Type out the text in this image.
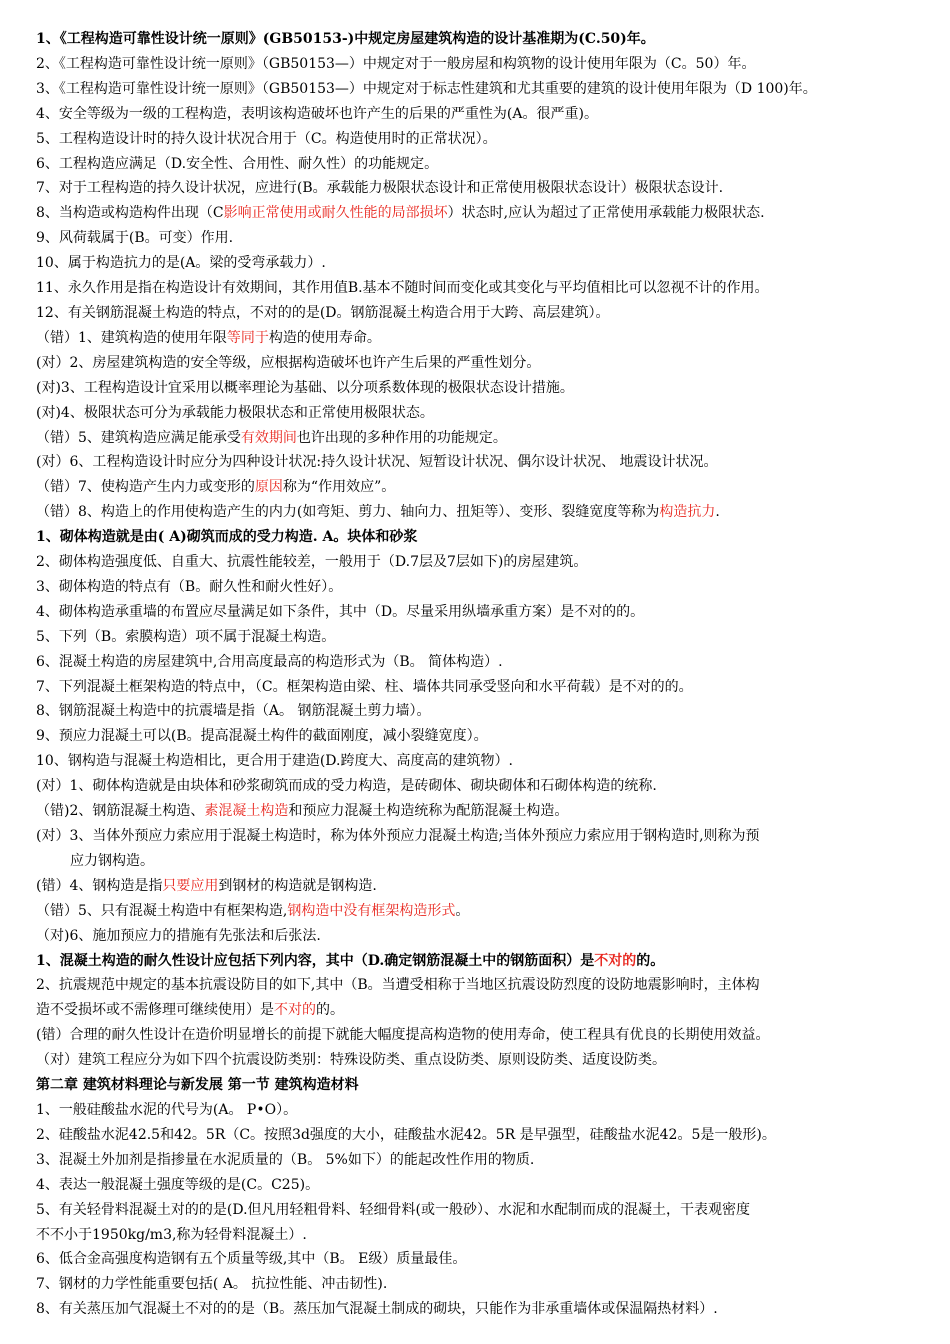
1、《工程构造可靠性设计统一原则》(GB50153-)中规定房屋建筑构造的设计基准期为(C.50)年。
2、《工程构造可靠性设计统一原则》（GB50153—）中规定对于一般房屋和构筑物的设计使用年限为（C。50）年。
3、《工程构造可靠性设计统一原则》（GB50153—）中规定对于标志性建筑和尤其重要的建筑的设计使用年限为（D 100)年。
4、安全等级为一级的工程构造，表明该构造破坏也许产生的后果的严重性为(A。很严重)。
5、工程构造设计时的持久设计状况合用于（C。构造使用时的正常状况）。
6、工程构造应满足（D.安全性、合用性、耐久性）的功能规定。
7、对于工程构造的持久设计状况，应进行(B。承载能力极限状态设计和正常使用极限状态设计）极限状态设计.
8、当构造或构造构件出现（C影响正常使用或耐久性能的局部损坏）状态时,应认为超过了正常使用承载能力极限状态.
9、风荷载属于(B。可变）作用.
10、属于构造抗力的是(A。梁的受弯承载力）.
11、永久作用是指在构造设计有效期间，其作用值B.基本不随时间而变化或其变化与平均值相比可以忽视不计的作用。
12、有关钢筋混凝土构造的特点，不对的的是(D。钢筋混凝土构造合用于大跨、高层建筑）。
（错）1、建筑构造的使用年限等同于构造的使用寿命。
(对）2、房屋建筑构造的安全等级，应根据构造破坏也许产生后果的严重性划分。
(对)3、工程构造设计宜采用以概率理论为基础、以分项系数体现的极限状态设计措施。
(对)4、极限状态可分为承载能力极限状态和正常使用极限状态。
（错）5、建筑构造应满足能承受有效期间也许出现的多种作用的功能规定。
(对）6、工程构造设计时应分为四种设计状况:持久设计状况、短暂设计状况、偶尔设计状况、 地震设计状况。
（错）7、使构造产生内力或变形的原因称为“作用效应”。
（错）8、构造上的作用使构造产生的内力(如弯矩、剪力、轴向力、扭矩等）、变形、裂缝宽度等称为构造抗力.
1、砌体构造就是由( A)砌筑而成的受力构造. A。块体和砂浆
2、砌体构造强度低、自重大、抗震性能较差，一般用于（D.7层及7层如下)的房屋建筑。
3、砌体构造的特点有（B。耐久性和耐火性好）。
4、砌体构造承重墙的布置应尽量满足如下条件，其中（D。尽量采用纵墙承重方案）是不对的的。
5、下列（B。索膜构造）项不属于混凝土构造。
6、混凝土构造的房屋建筑中,合用高度最高的构造形式为（B。 简体构造）.
7、下列混凝土框架构造的特点中，（C。框架构造由梁、柱、墙体共同承受竖向和水平荷载）是不对的的。
8、钢筋混凝土构造中的抗震墙是指（A。 钢筋混凝土剪力墙）。
9、预应力混凝土可以(B。提高混凝土构件的截面刚度，减小裂缝宽度）。
10、钢构造与混凝土构造相比，更合用于建造(D.跨度大、高度高的建筑物）.
(对）1、砌体构造就是由块体和砂浆砌筑而成的受力构造，是砖砌体、砌块砌体和石砌体构造的统称.
（错)2、钢筋混凝土构造、素混凝土构造和预应力混凝土构造统称为配筋混凝土构造。
(对）3、当体外预应力索应用于混凝土构造时，称为体外预应力混凝土构造;当体外预应力索应用于钢构造时,则称为预
应力钢构造。
(错）4、钢构造是指只要应用到钢材的构造就是钢构造.
（错）5、只有混凝土构造中有框架构造,钢构造中没有框架构造形式。
（对)6、施加预应力的措施有先张法和后张法.
1、混凝土构造的耐久性设计应包括下列内容，其中（D.确定钢筋混凝土中的钢筋面积）是不对的的。
2、抗震规范中规定的基本抗震设防目的如下,其中（B。当遭受相称于当地区抗震设防烈度的设防地震影响时，主体构
造不受损坏或不需修理可继续使用）是不对的的。
(错）合理的耐久性设计在造价明显增长的前提下就能大幅度提高构造物的使用寿命，使工程具有优良的长期使用效益。
（对）建筑工程应分为如下四个抗震设防类别：特殊设防类、重点设防类、原则设防类、适度设防类。
第二章 建筑材料理论与新发展 第一节 建筑构造材料
1、一般硅酸盐水泥的代号为(A。 P•O）。
2、硅酸盐水泥42.5和42。5R（C。按照3d强度的大小，硅酸盐水泥42。5R 是早强型，硅酸盐水泥42。5是一般形)。
3、混凝土外加剂是指掺量在水泥质量的（B。 5%如下）的能起改性作用的物质.
4、表达一般混凝土强度等级的是(C。C25)。
5、有关轻骨料混凝土对的的是(D.但凡用轻粗骨料、轻细骨料(或一般砂）、水泥和水配制而成的混凝土，干表观密度
不不小于1950kg/m3,称为轻骨料混凝土）.
6、低合金高强度构造钢有五个质量等级,其中（B。 E级）质量最佳。
7、钢材的力学性能重要包括( A。 抗拉性能、冲击韧性).
8、有关蒸压加气混凝土不对的的是（B。蒸压加气混凝土制成的砌块，只能作为非承重墙体或保温隔热材料）.
